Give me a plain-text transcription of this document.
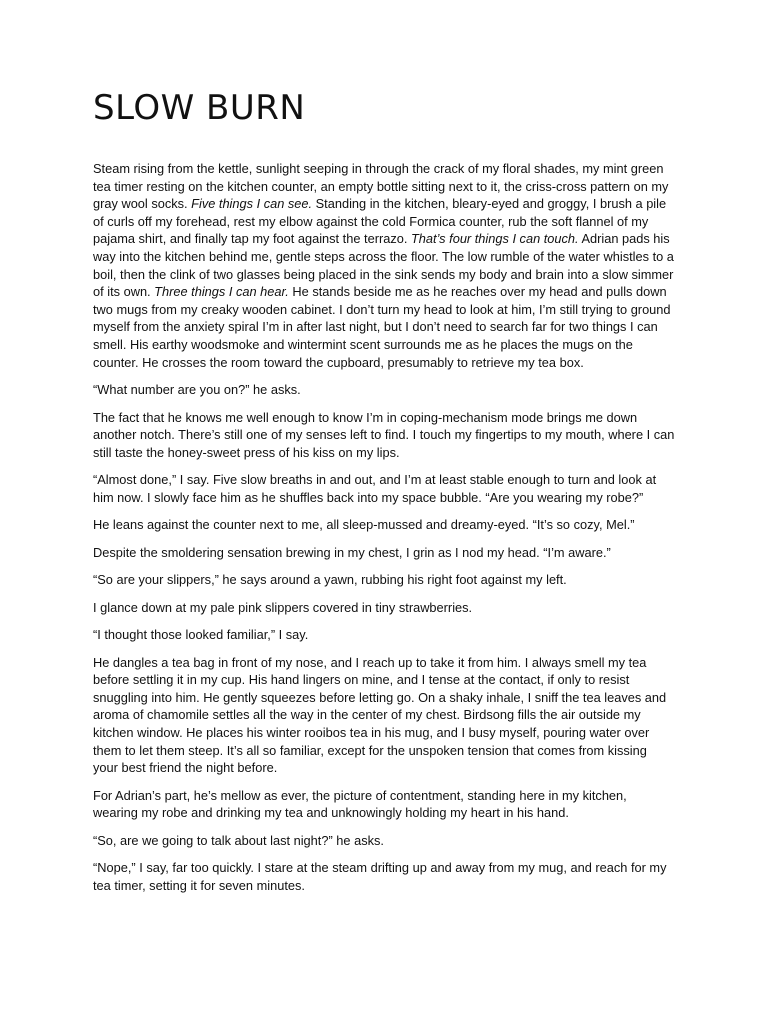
SLOW BURN

Steam rising from the kettle, sunlight seeping in through the crack of my floral shades, my mint green tea timer resting on the kitchen counter, an empty bottle sitting next to it, the criss-cross pattern on my gray wool socks. Five things I can see. Standing in the kitchen, bleary-eyed and groggy, I brush a pile of curls off my forehead, rest my elbow against the cold Formica counter, rub the soft flannel of my pajama shirt, and finally tap my foot against the terrazo. That’s four things I can touch. Adrian pads his way into the kitchen behind me, gentle steps across the floor. The low rumble of the water whistles to a boil, then the clink of two glasses being placed in the sink sends my body and brain into a slow simmer of its own. Three things I can hear. He stands beside me as he reaches over my head and pulls down two mugs from my creaky wooden cabinet. I don’t turn my head to look at him, I’m still trying to ground myself from the anxiety spiral I’m in after last night, but I don’t need to search far for two things I can smell. His earthy woodsmoke and wintermint scent surrounds me as he places the mugs on the counter. He crosses the room toward the cupboard, presumably to retrieve my tea box.

“What number are you on?” he asks.

The fact that he knows me well enough to know I’m in coping-mechanism mode brings me down another notch. There’s still one of my senses left to find. I touch my fingertips to my mouth, where I can still taste the honey-sweet press of his kiss on my lips.

“Almost done,” I say. Five slow breaths in and out, and I’m at least stable enough to turn and look at him now. I slowly face him as he shuffles back into my space bubble. “Are you wearing my robe?”

He leans against the counter next to me, all sleep-mussed and dreamy-eyed. “It’s so cozy, Mel.”

Despite the smoldering sensation brewing in my chest, I grin as I nod my head. “I’m aware.”

“So are your slippers,” he says around a yawn, rubbing his right foot against my left.

I glance down at my pale pink slippers covered in tiny strawberries.

“I thought those looked familiar,” I say.

He dangles a tea bag in front of my nose, and I reach up to take it from him. I always smell my tea before settling it in my cup. His hand lingers on mine, and I tense at the contact, if only to resist snuggling into him. He gently squeezes before letting go. On a shaky inhale, I sniff the tea leaves and aroma of chamomile settles all the way in the center of my chest. Birdsong fills the air outside my kitchen window. He places his winter rooibos tea in his mug, and I busy myself, pouring water over them to let them steep. It’s all so familiar, except for the unspoken tension that comes from kissing your best friend the night before.

For Adrian’s part, he’s mellow as ever, the picture of contentment, standing here in my kitchen, wearing my robe and drinking my tea and unknowingly holding my heart in his hand.

“So, are we going to talk about last night?” he asks.

“Nope,” I say, far too quickly. I stare at the steam drifting up and away from my mug, and reach for my tea timer, setting it for seven minutes.
